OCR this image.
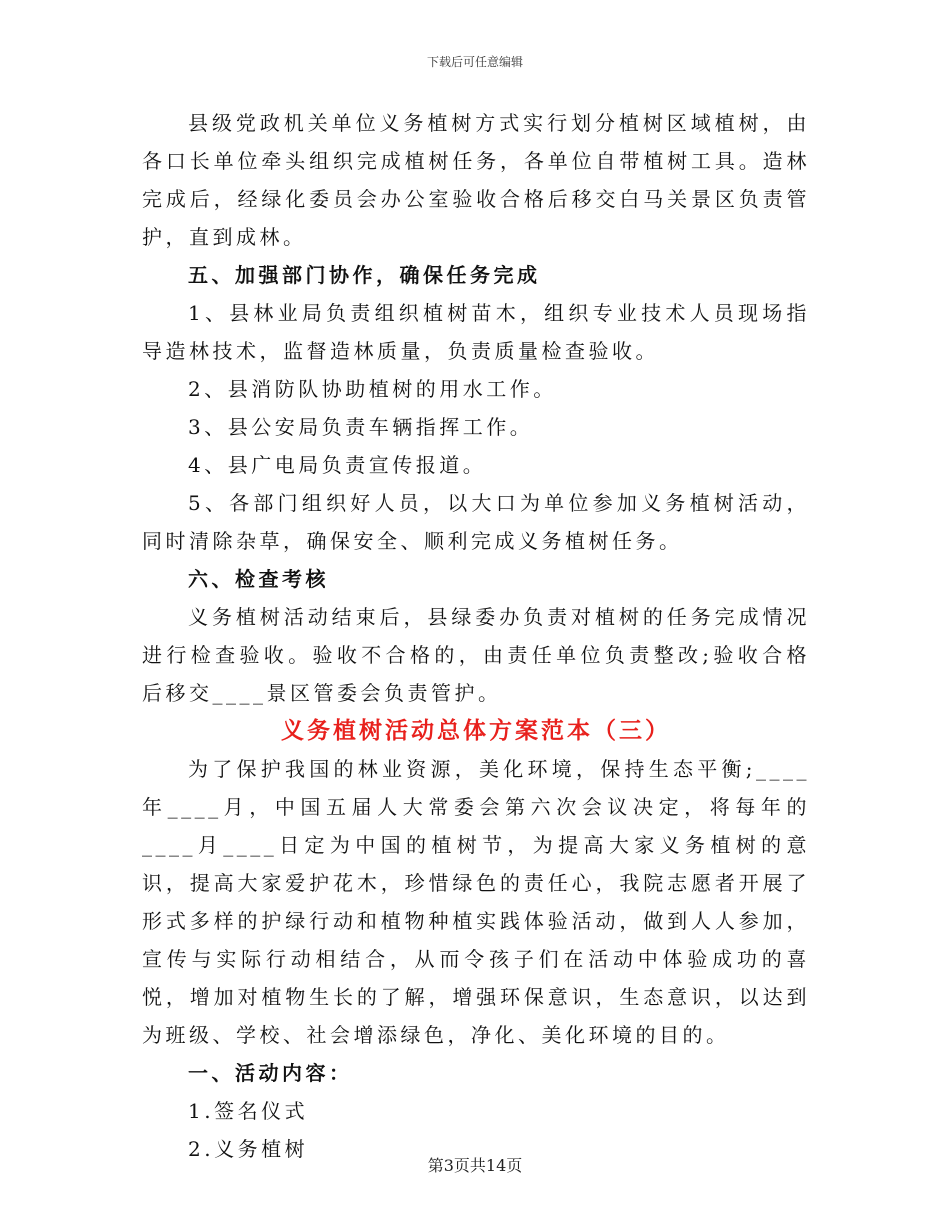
下载后可任意编辑

县级党政机关单位义务植树方式实行划分植树区域植树，由各口长单位牵头组织完成植树任务，各单位自带植树工具。造林完成后，经绿化委员会办公室验收合格后移交白马关景区负责管护，直到成林。

五、加强部门协作，确保任务完成

1、县林业局负责组织植树苗木，组织专业技术人员现场指导造林技术，监督造林质量，负责质量检查验收。

2、县消防队协助植树的用水工作。

3、县公安局负责车辆指挥工作。

4、县广电局负责宣传报道。

5、各部门组织好人员，以大口为单位参加义务植树活动，同时清除杂草，确保安全、顺利完成义务植树任务。

六、检查考核

义务植树活动结束后，县绿委办负责对植树的任务完成情况进行检查验收。验收不合格的，由责任单位负责整改;验收合格后移交____景区管委会负责管护。

义务植树活动总体方案范本（三）

为了保护我国的林业资源，美化环境，保持生态平衡;____年____月，中国五届人大常委会第六次会议决定，将每年的____月____日定为中国的植树节，为提高大家义务植树的意识，提高大家爱护花木，珍惜绿色的责任心，我院志愿者开展了形式多样的护绿行动和植物种植实践体验活动，做到人人参加，宣传与实际行动相结合，从而令孩子们在活动中体验成功的喜悦，增加对植物生长的了解，增强环保意识，生态意识，以达到为班级、学校、社会增添绿色，净化、美化环境的目的。

一、活动内容：

1.签名仪式

2.义务植树

第3页共14页
